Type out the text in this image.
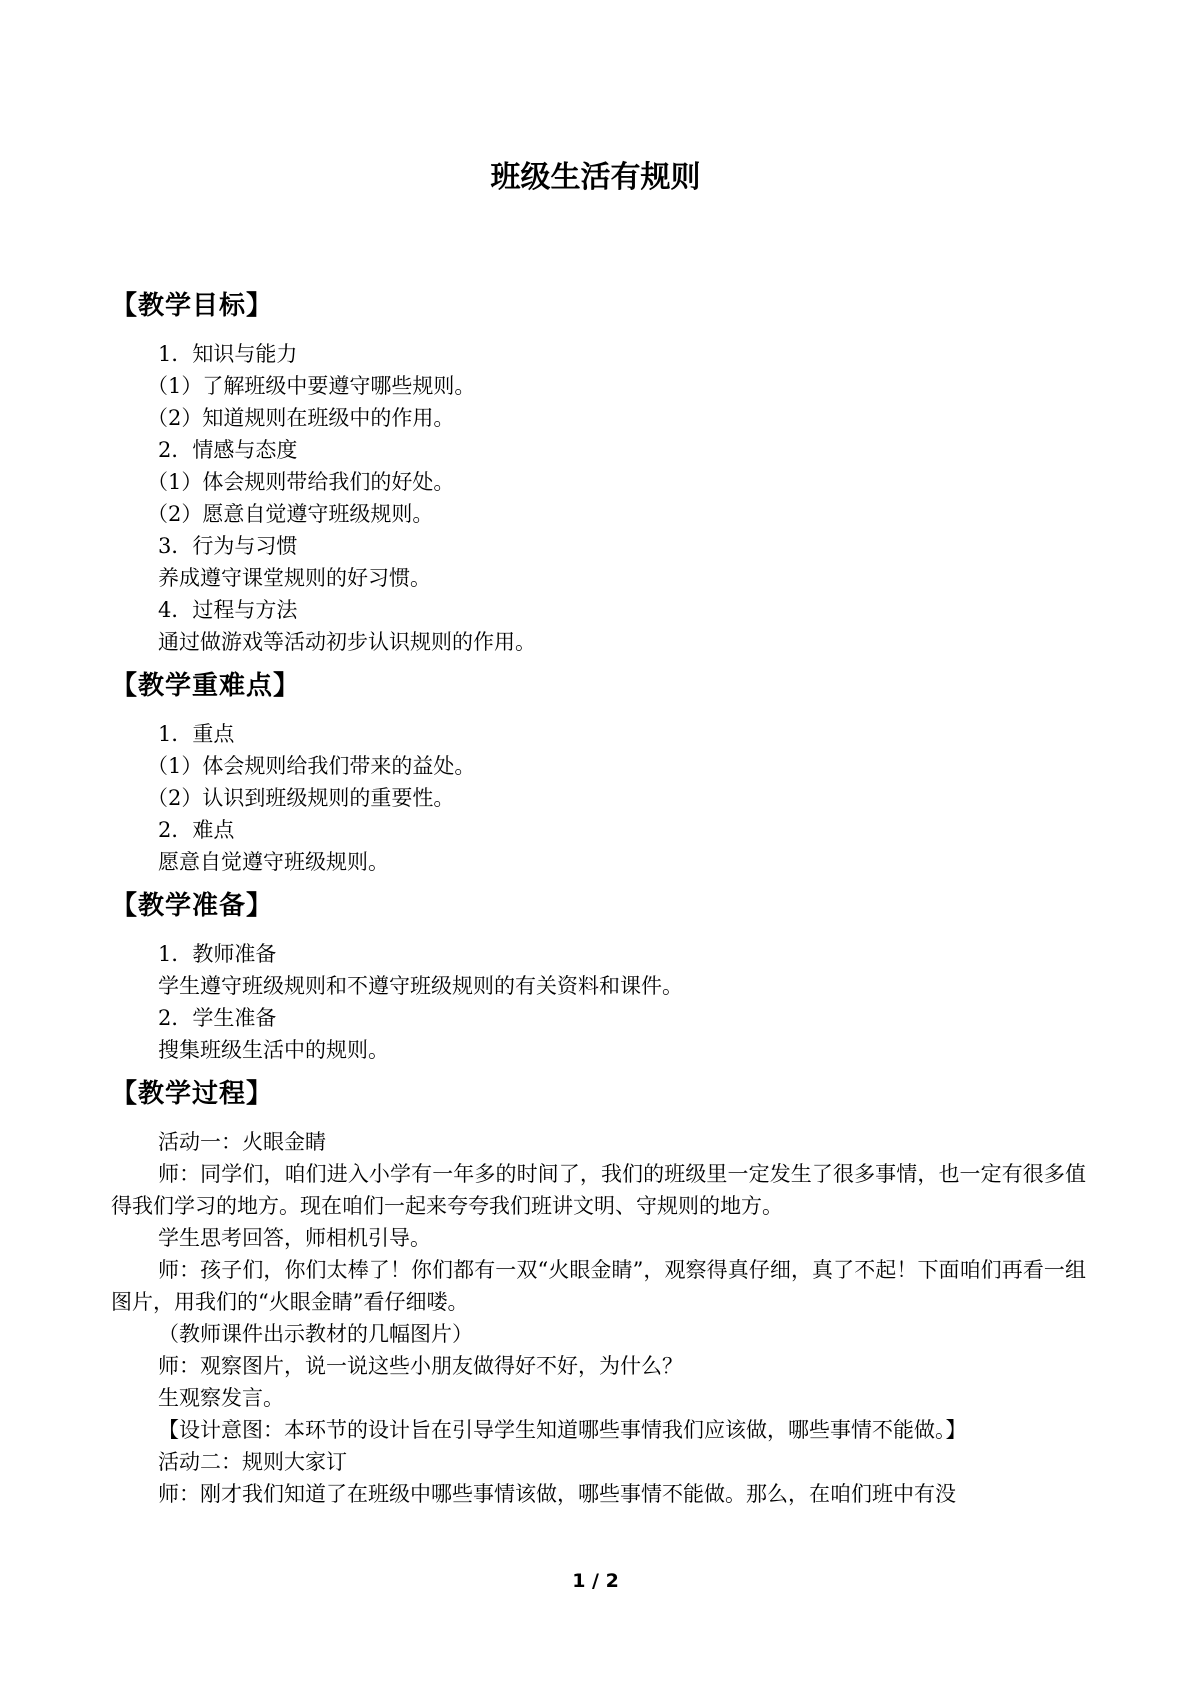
班级生活有规则

【教学目标】

1．知识与能力

（1）了解班级中要遵守哪些规则。

（2）知道规则在班级中的作用。

2．情感与态度

（1）体会规则带给我们的好处。

（2）愿意自觉遵守班级规则。

3．行为与习惯

养成遵守课堂规则的好习惯。

4．过程与方法

通过做游戏等活动初步认识规则的作用。

【教学重难点】

1．重点

（1）体会规则给我们带来的益处。

（2）认识到班级规则的重要性。

2．难点

愿意自觉遵守班级规则。

【教学准备】

1．教师准备

学生遵守班级规则和不遵守班级规则的有关资料和课件。

2．学生准备

搜集班级生活中的规则。

【教学过程】

活动一：火眼金睛

师：同学们，咱们进入小学有一年多的时间了，我们的班级里一定发生了很多事情，也一定有很多值得我们学习的地方。现在咱们一起来夸夸我们班讲文明、守规则的地方。

学生思考回答，师相机引导。

师：孩子们，你们太棒了！你们都有一双“火眼金睛”，观察得真仔细，真了不起！下面咱们再看一组图片，用我们的“火眼金睛”看仔细喽。

（教师课件出示教材的几幅图片）

师：观察图片，说一说这些小朋友做得好不好，为什么？

生观察发言。

【设计意图：本环节的设计旨在引导学生知道哪些事情我们应该做，哪些事情不能做。】

活动二：规则大家订

师：刚才我们知道了在班级中哪些事情该做，哪些事情不能做。那么，在咱们班中有没

1 / 2
